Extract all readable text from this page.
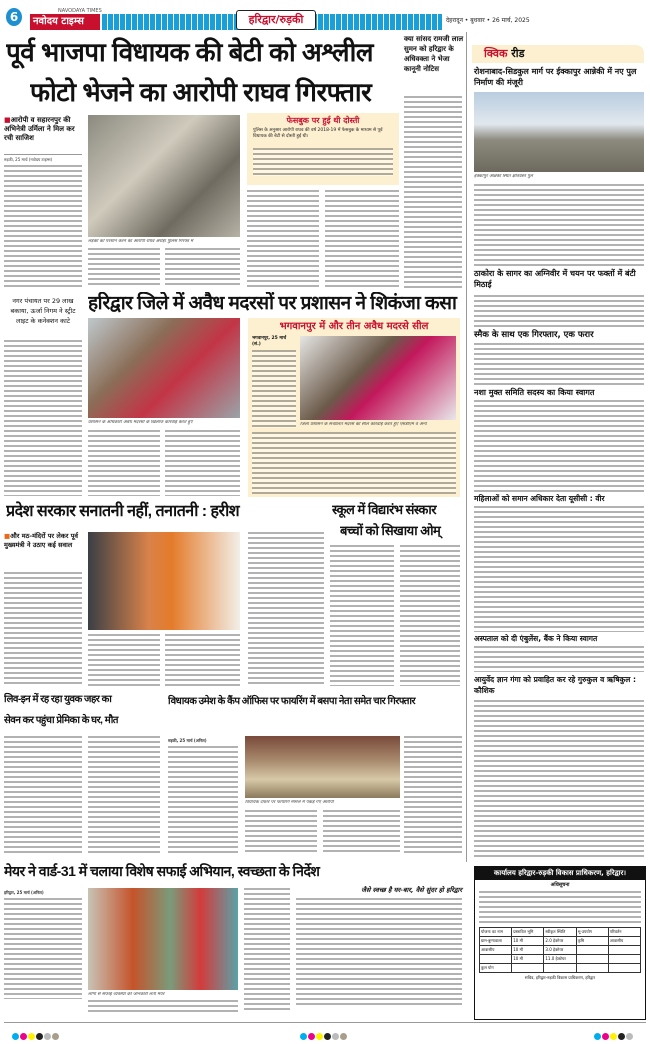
6	NAVODAYA TIMES
नवोदय टाइम्स	हरिद्वार/रुड़की	देहरादून • बुधवार • 26 मार्च, 2025
पूर्व भाजपा विधायक की बेटी को अश्लील
फोटो भेजने का आरोपी राघव गिरफ्तार
■आरोपी व सहारनपुर की अभिनेत्री उर्मिला ने मिल कर रची साजिश
रुड़की, 25 मार्च (नवोदय टाइम्स)
लड़की को परेशान करने का आरोपी राघव अरोड़ा पुलिस गिरफ्त में
फेसबुक पर हुई थी दोस्ती
पुलिस के अनुसार आरोपी राघव की वर्ष 2018-19 में फेसबुक के माध्यम से पूर्व विधायक की बेटी से दोस्ती हुई थी।
क्या सांसद रामजी लाल सुमन को हरिद्वार के अधिवक्ता ने भेजा कानूनी नोटिस
नगर पंचायत पर 29 लाख बकाया, ऊर्जा निगम ने स्ट्रीट लाइट के कनेक्शन काटे
हरिद्वार जिले में अवैध मदरसों पर प्रशासन ने शिकंजा कसा
प्रशासन के अधिकारी अवैध मदरसों के खिलाफ कार्रवाई करते हुए
भगवानपुर में और तीन अवैध मदरसे सील
भगवानपुर, 25 मार्च (सं.)
जिला प्रशासन के संचालित मदरसे को सील कार्रवाई करते हुए एसडीएम व अन्य
क्विक रीड
रोशनाबाद-सिडकुल मार्ग पर ईक्कापुर आन्नेकी में नए पुल निर्माण की मंजूरी
ईक्कापुर आन्नेकी स्थित क्षतिग्रस्त पुल
ठाकोरा के सागर का अग्निवीर में चयन पर फक्तों में बंटी मिठाई
स्मैक के साथ एक गिरफ्तार, एक फरार
नशा मुक्त समिति सदस्य का किया स्वागत
महिलाओं को समान अधिकार देता यूसीसी : वीर
अस्पताल को दी एंबुलेंस, बैंक ने किया स्वागत
आयुर्वेद ज्ञान गंगा को प्रवाहित कर रहे गुरुकुल व ऋषिकुल : कौशिक
प्रदेश सरकार सनातनी नहीं, तनातनी : हरीश
■और मठ-मंदिरों पर लेकर पूर्व मुख्यमंत्री ने उठाए कई सवाल
स्कूल में विद्यारंभ संस्कार
बच्चों को सिखाया ओम्
लिव-इन में रह रहा युवक जहर का
सेवन कर पहुंचा प्रेमिका के घर, मौत
विधायक उमेश के कैंप ऑफिस पर फायरिंग में बसपा नेता समेत चार गिरफ्तार
रुड़की, 25 मार्च (अनिल)
विधायक दफ्तर पर फायरिंग मामले में पकड़े गए आरोपी
मेयर ने वार्ड-31 में चलाया विशेष सफाई अभियान, स्वच्छता के निर्देश
हरिद्वार, 25 मार्च (अनिल)
लोगों से सफाई व्यवस्था की जानकारी लेती मेयर
जैसे स्वच्छ है घर-बार, वैसे सुंदर हो हरिद्वार
कार्यालय हरिद्वार-रुड़की विकास प्राधिकरण, हरिद्वार।
अधिसूचना
योजना का नाम	प्रस्तावित भूमि	स्वीकृत स्थिति	भू-उपयोग	परिवर्तन
ग्राम-बुग्गावाला	10 मी	2.0 हेक्टेयर	कृषि	आवासीय
आवासीय	10 मी	3.0 हेक्टेयर		
	10 मी	11.0 हेक्टेयर		
कुल योग				
सचिव, हरिद्वार-रुड़की विकास प्राधिकरण, हरिद्वार
